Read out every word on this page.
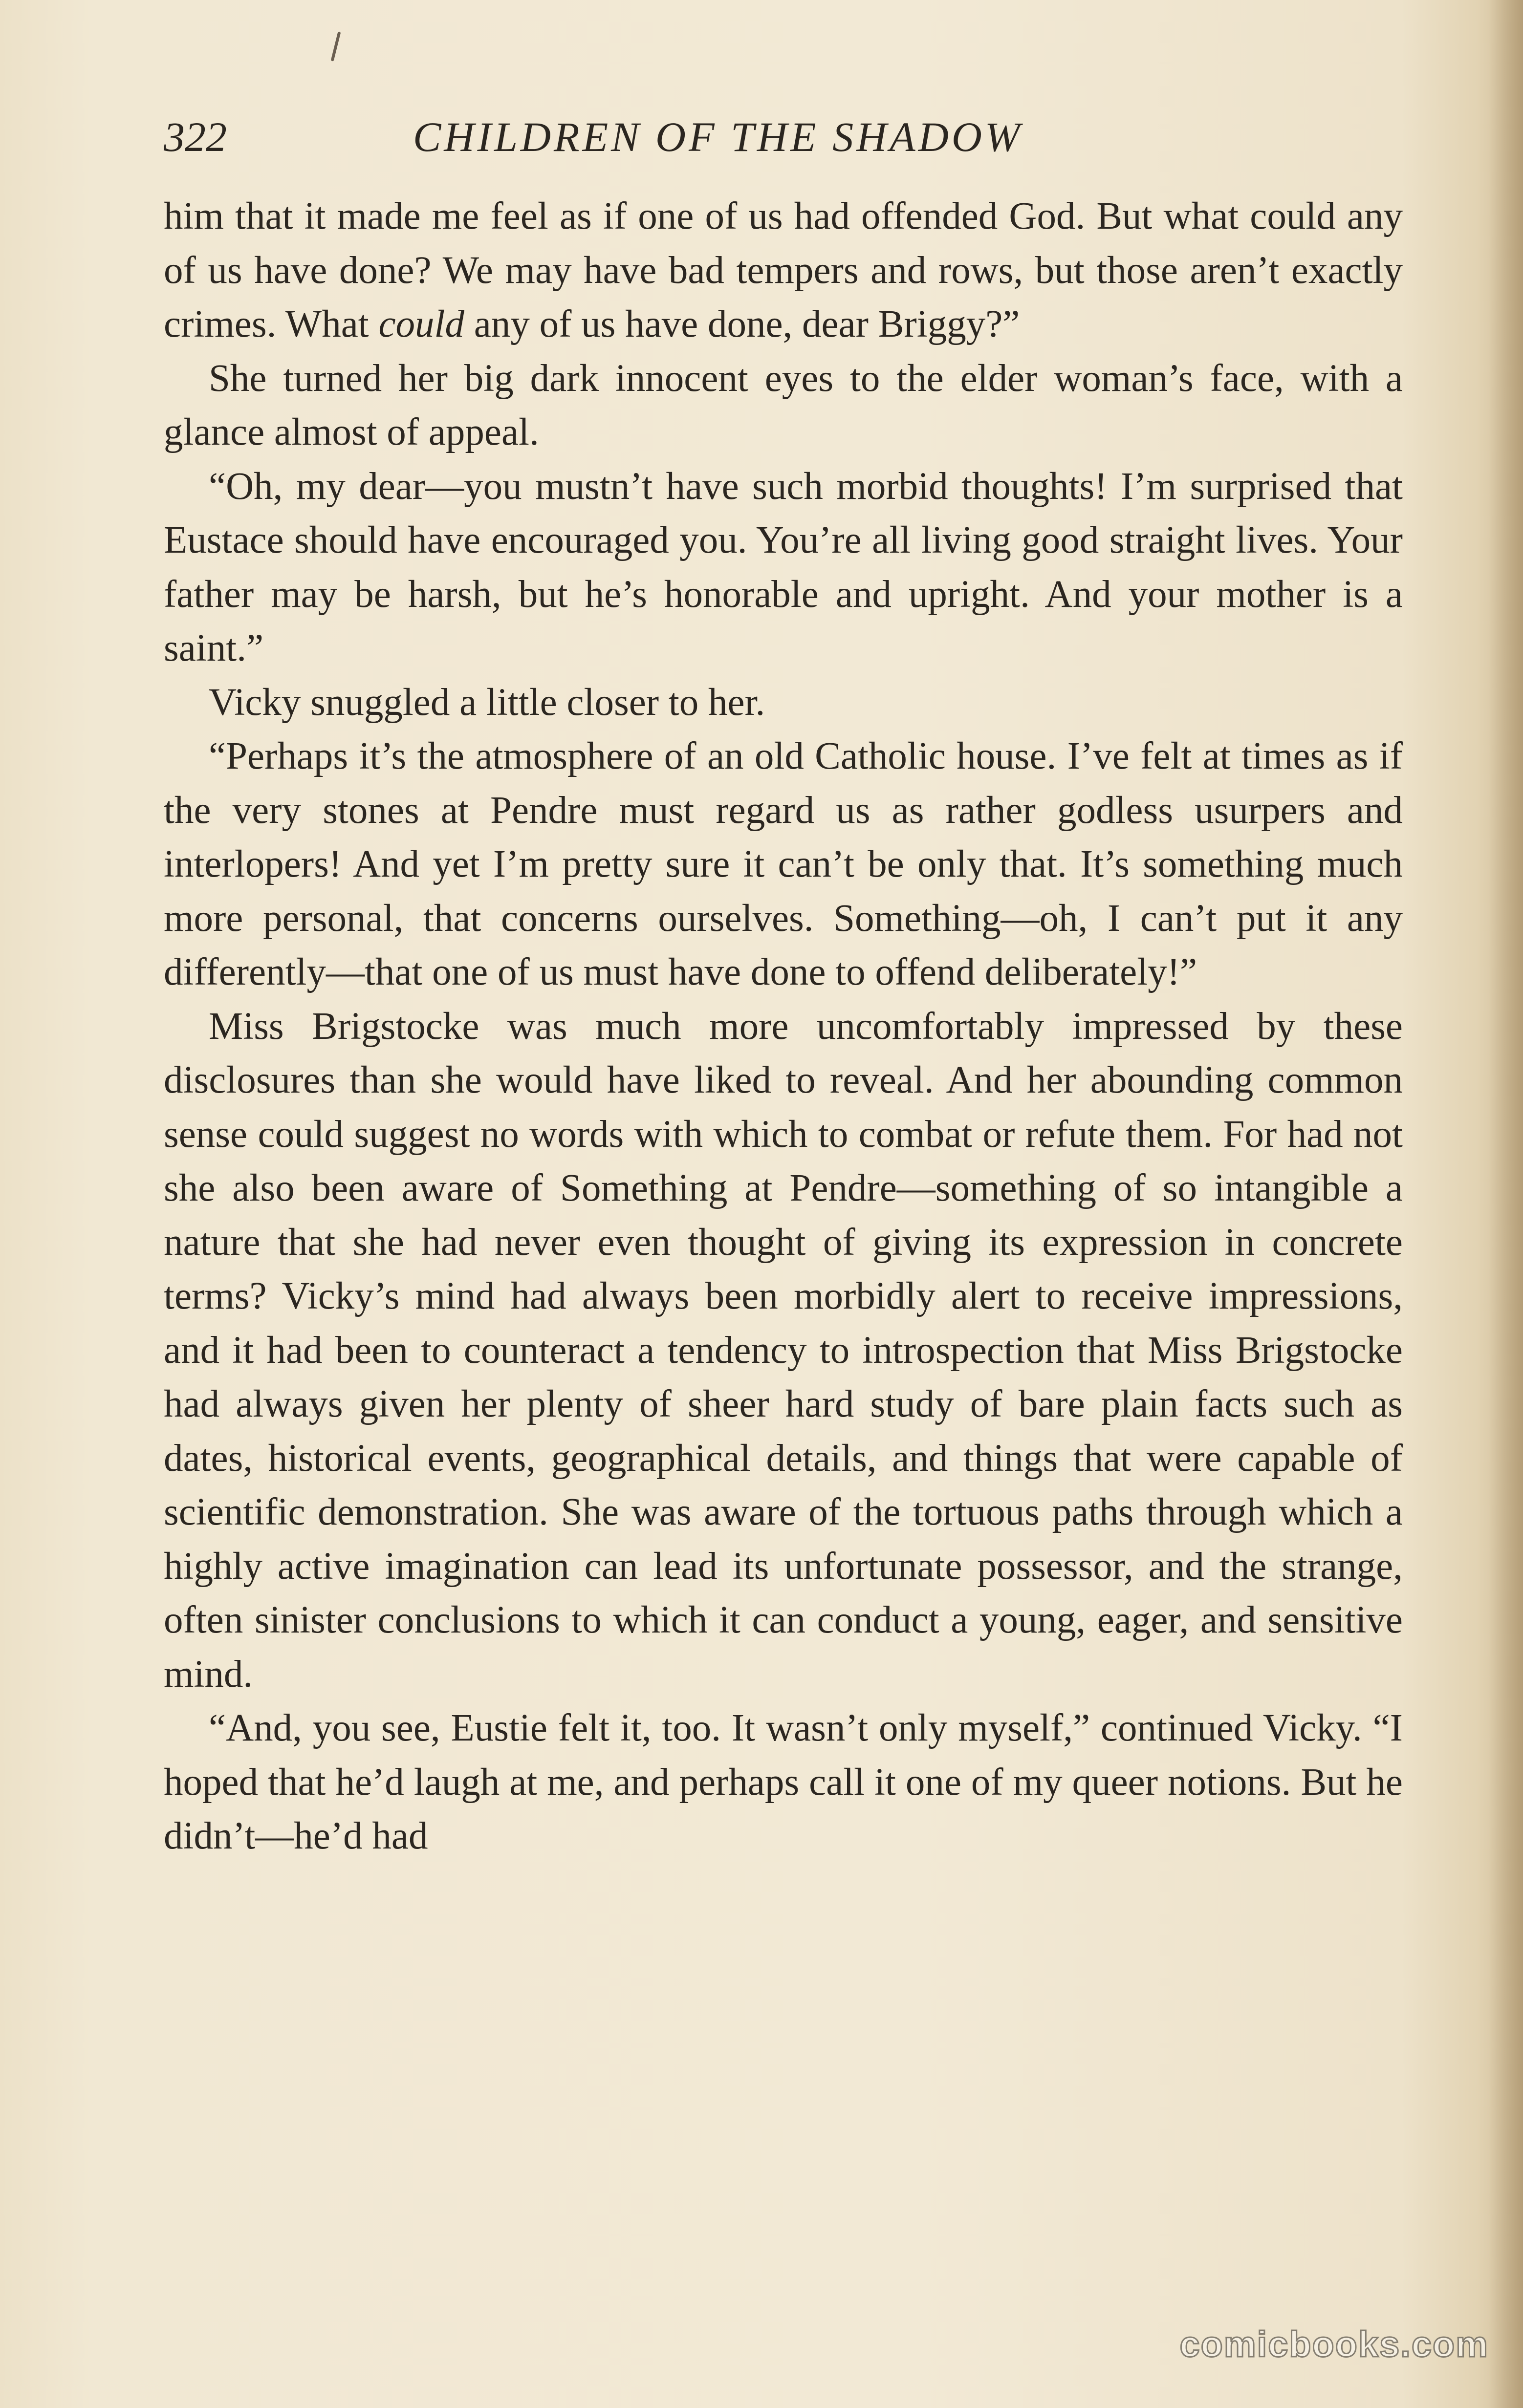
322	CHILDREN OF THE SHADOW

him that it made me feel as if one of us had offended God. But what could any of us have done? We may have bad tempers and rows, but those aren’t exactly crimes. What could any of us have done, dear Briggy?”

She turned her big dark innocent eyes to the elder woman’s face, with a glance almost of appeal.

“Oh, my dear—you mustn’t have such morbid thoughts! I’m surprised that Eustace should have encouraged you. You’re all living good straight lives. Your father may be harsh, but he’s honorable and upright. And your mother is a saint.”

Vicky snuggled a little closer to her.

“Perhaps it’s the atmosphere of an old Catholic house. I’ve felt at times as if the very stones at Pendre must regard us as rather godless usurpers and interlopers! And yet I’m pretty sure it can’t be only that. It’s something much more personal, that concerns ourselves. Something—oh, I can’t put it any differently—that one of us must have done to offend deliberately!”

Miss Brigstocke was much more uncomfortably impressed by these disclosures than she would have liked to reveal. And her abounding common sense could suggest no words with which to combat or refute them. For had not she also been aware of Something at Pendre—something of so intangible a nature that she had never even thought of giving its expression in concrete terms? Vicky’s mind had always been morbidly alert to receive impressions, and it had been to counteract a tendency to introspection that Miss Brigstocke had always given her plenty of sheer hard study of bare plain facts such as dates, historical events, geographical details, and things that were capable of scientific demonstration. She was aware of the tortuous paths through which a highly active imagination can lead its unfortunate possessor, and the strange, often sinister conclusions to which it can conduct a young, eager, and sensitive mind.

“And, you see, Eustie felt it, too. It wasn’t only myself,” continued Vicky. “I hoped that he’d laugh at me, and perhaps call it one of my queer notions. But he didn’t—he’d had

comicbooks.com
